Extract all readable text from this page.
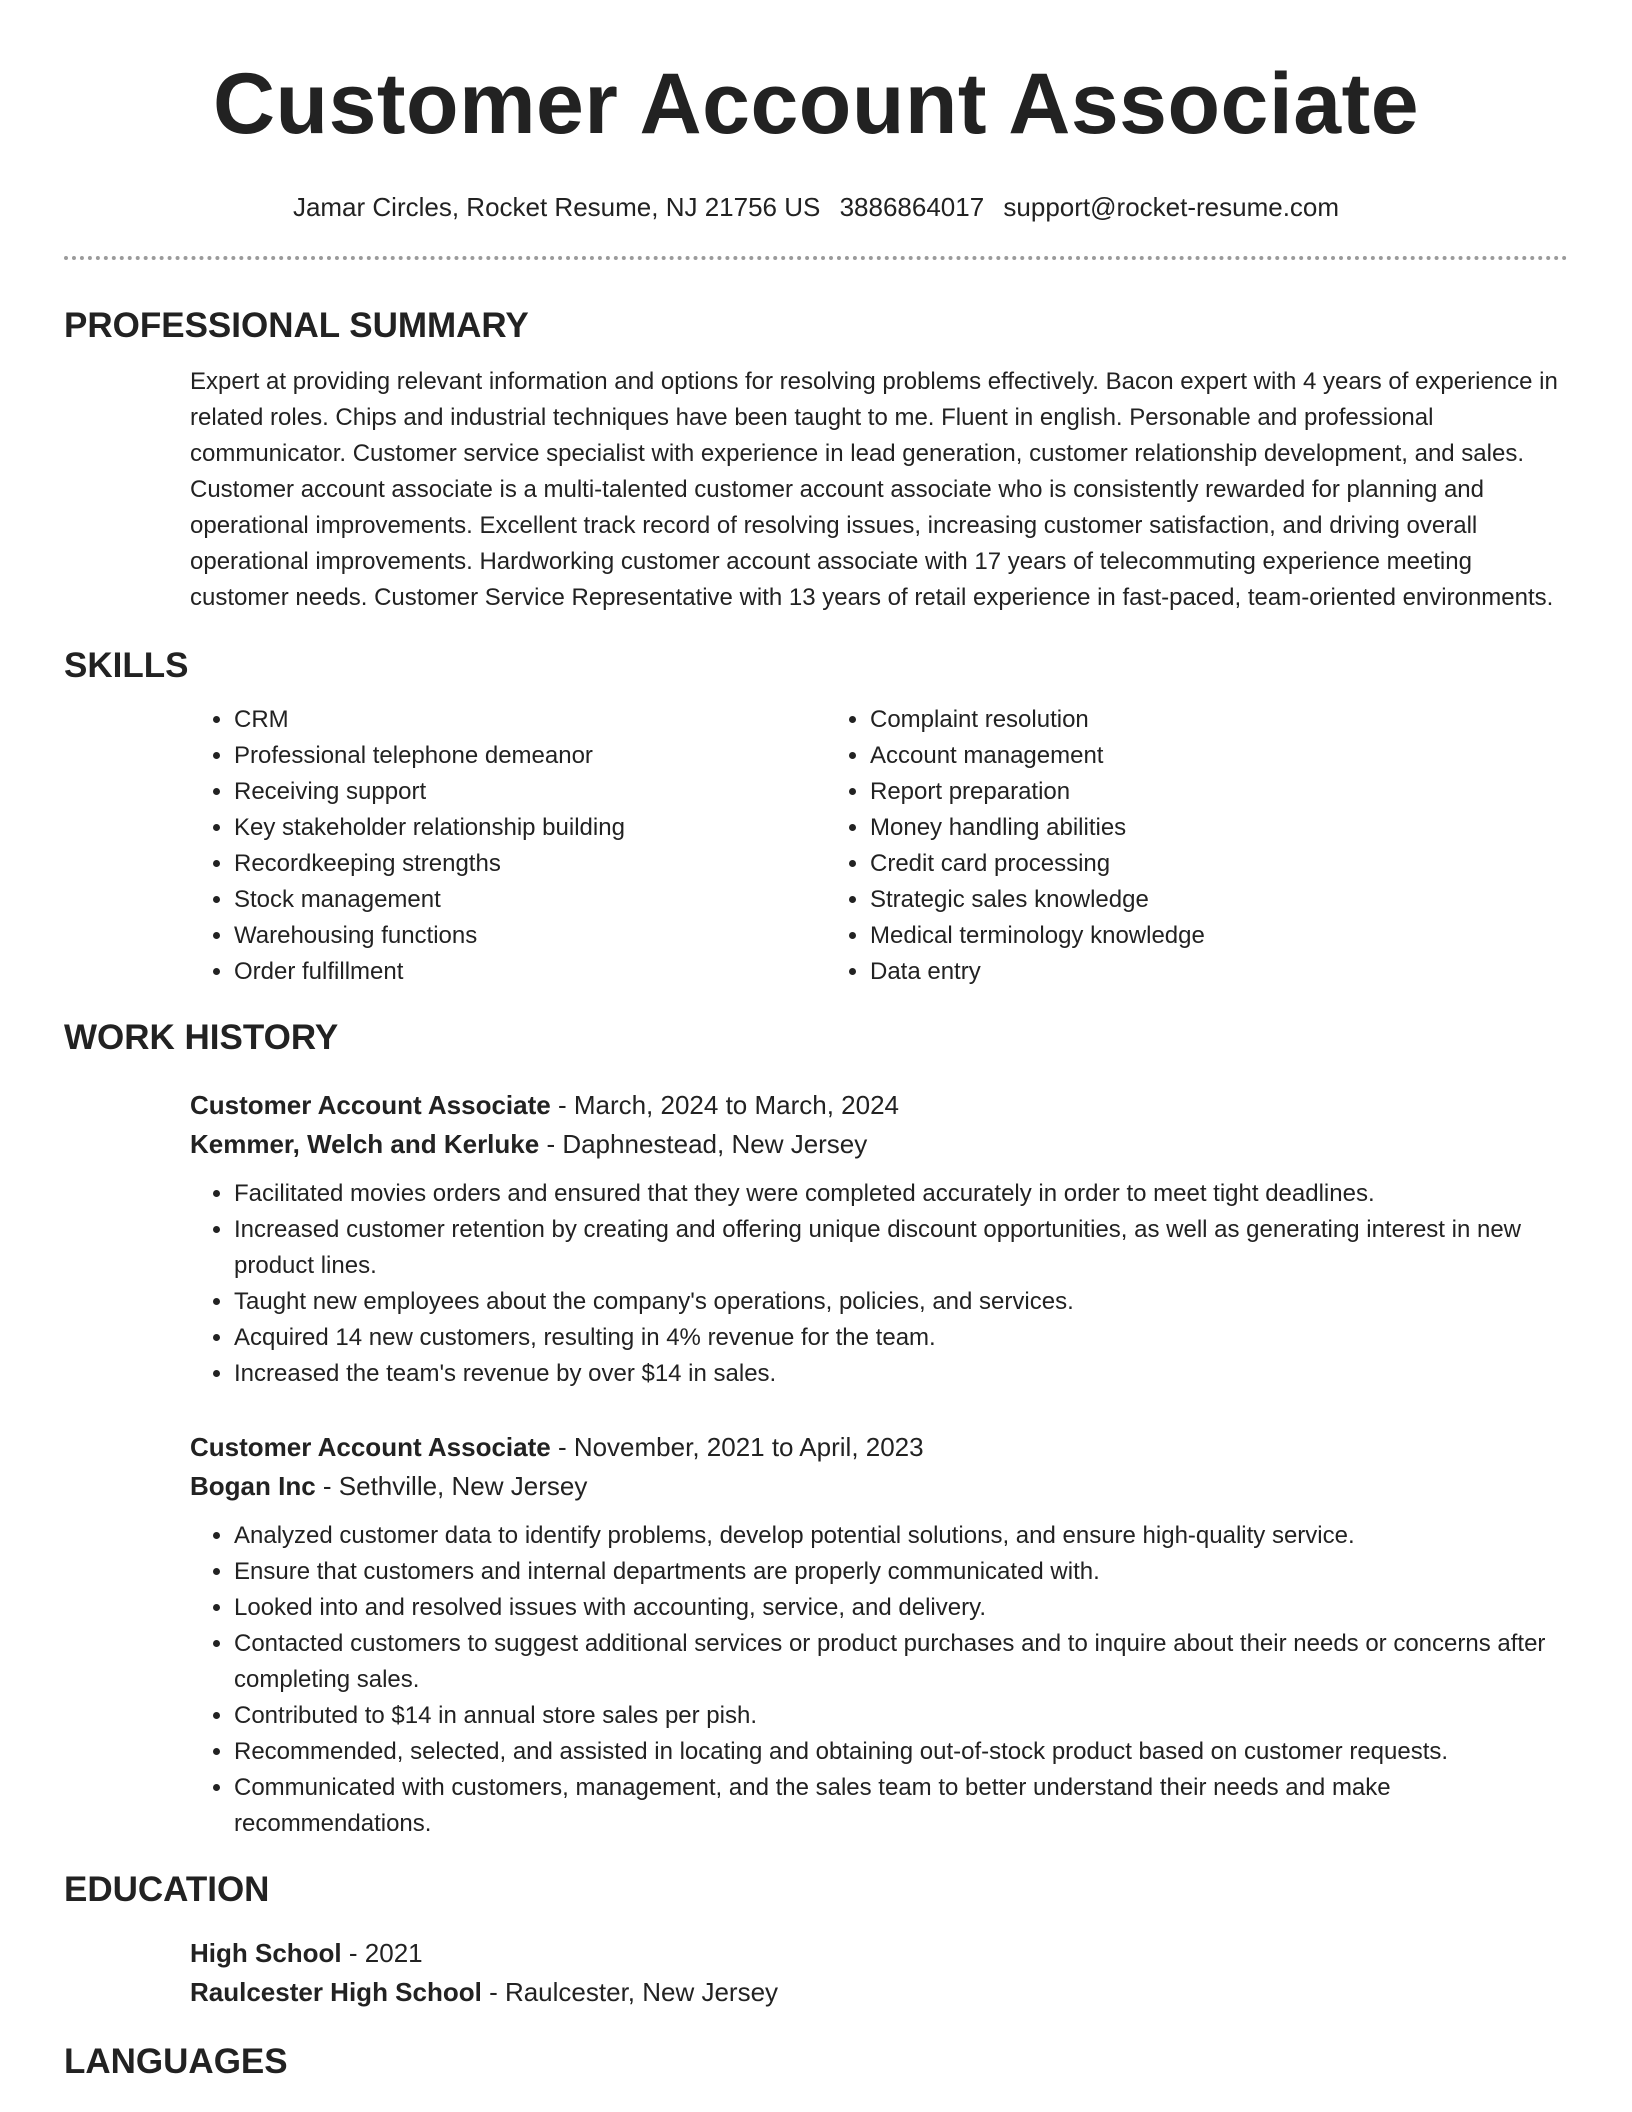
Customer Account Associate
Jamar Circles, Rocket Resume, NJ 21756 US 3886864017 support@rocket-resume.com
PROFESSIONAL SUMMARY

Expert at providing relevant information and options for resolving problems effectively. Bacon expert with 4 years of experience in related roles. Chips and industrial techniques have been taught to me. Fluent in english. Personable and professional communicator. Customer service specialist with experience in lead generation, customer relationship development, and sales. Customer account associate is a multi-talented customer account associate who is consistently rewarded for planning and operational improvements. Excellent track record of resolving issues, increasing customer satisfaction, and driving overall operational improvements. Hardworking customer account associate with 17 years of telecommuting experience meeting customer needs. Customer Service Representative with 13 years of retail experience in fast-paced, team-oriented environments.

SKILLS
• CRM
• Professional telephone demeanor
• Receiving support
• Key stakeholder relationship building
• Recordkeeping strengths
• Stock management
• Warehousing functions
• Order fulfillment
• Complaint resolution
• Account management
• Report preparation
• Money handling abilities
• Credit card processing
• Strategic sales knowledge
• Medical terminology knowledge
• Data entry
WORK HISTORY
Customer Account Associate - March, 2024 to March, 2024
Kemmer, Welch and Kerluke - Daphnestead, New Jersey
• Facilitated movies orders and ensured that they were completed accurately in order to meet tight deadlines.
• Increased customer retention by creating and offering unique discount opportunities, as well as generating interest in new product lines.
• Taught new employees about the company's operations, policies, and services.
• Acquired 14 new customers, resulting in 4% revenue for the team.
• Increased the team's revenue by over $14 in sales.
Customer Account Associate - November, 2021 to April, 2023
Bogan Inc - Sethville, New Jersey
• Analyzed customer data to identify problems, develop potential solutions, and ensure high-quality service.
• Ensure that customers and internal departments are properly communicated with.
• Looked into and resolved issues with accounting, service, and delivery.
• Contacted customers to suggest additional services or product purchases and to inquire about their needs or concerns after completing sales.
• Contributed to $14 in annual store sales per pish.
• Recommended, selected, and assisted in locating and obtaining out-of-stock product based on customer requests.
• Communicated with customers, management, and the sales team to better understand their needs and make recommendations.
EDUCATION
High School - 2021
Raulcester High School - Raulcester, New Jersey
LANGUAGES
